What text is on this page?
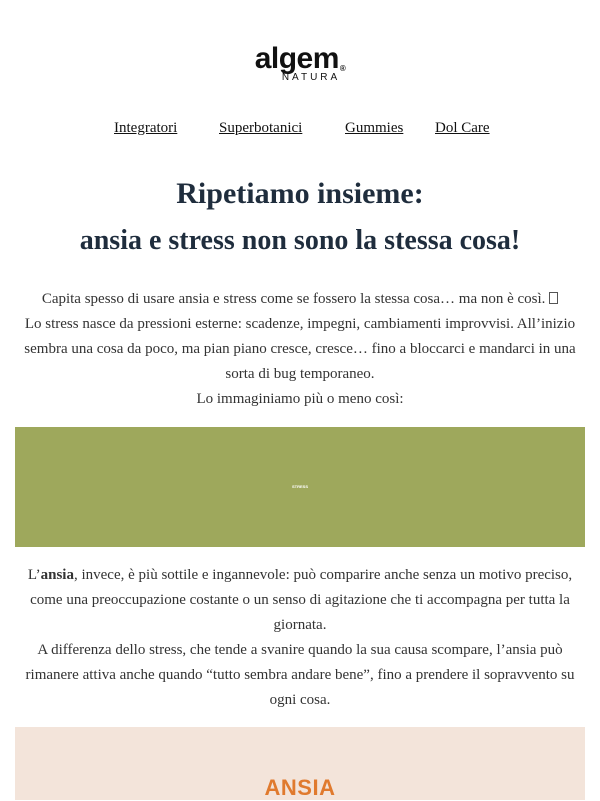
algem®
NATURA
Integratori	Superbotanici	Gummies Dol Care
Ripetiamo insieme:
ansia e stress non sono la stessa cosa!
Capita spesso di usare ansia e stress come se fossero la stessa cosa… ma non è così.
Lo stress nasce da pressioni esterne: scadenze, impegni, cambiamenti improvvisi. All’inizio
sembra una cosa da poco, ma pian piano cresce, cresce… fino a bloccarci e mandarci in una
sorta di bug temporaneo.
Lo immaginiamo più o meno così:
STRESS
L’ansia, invece, è più sottile e ingannevole: può comparire anche senza un motivo preciso,
come una preoccupazione costante o un senso di agitazione che ti accompagna per tutta la
giornata.
A differenza dello stress, che tende a svanire quando la sua causa scompare, l’ansia può
rimanere attiva anche quando “tutto sembra andare bene”, fino a prendere il sopravvento su
ogni cosa.
ANSIA
